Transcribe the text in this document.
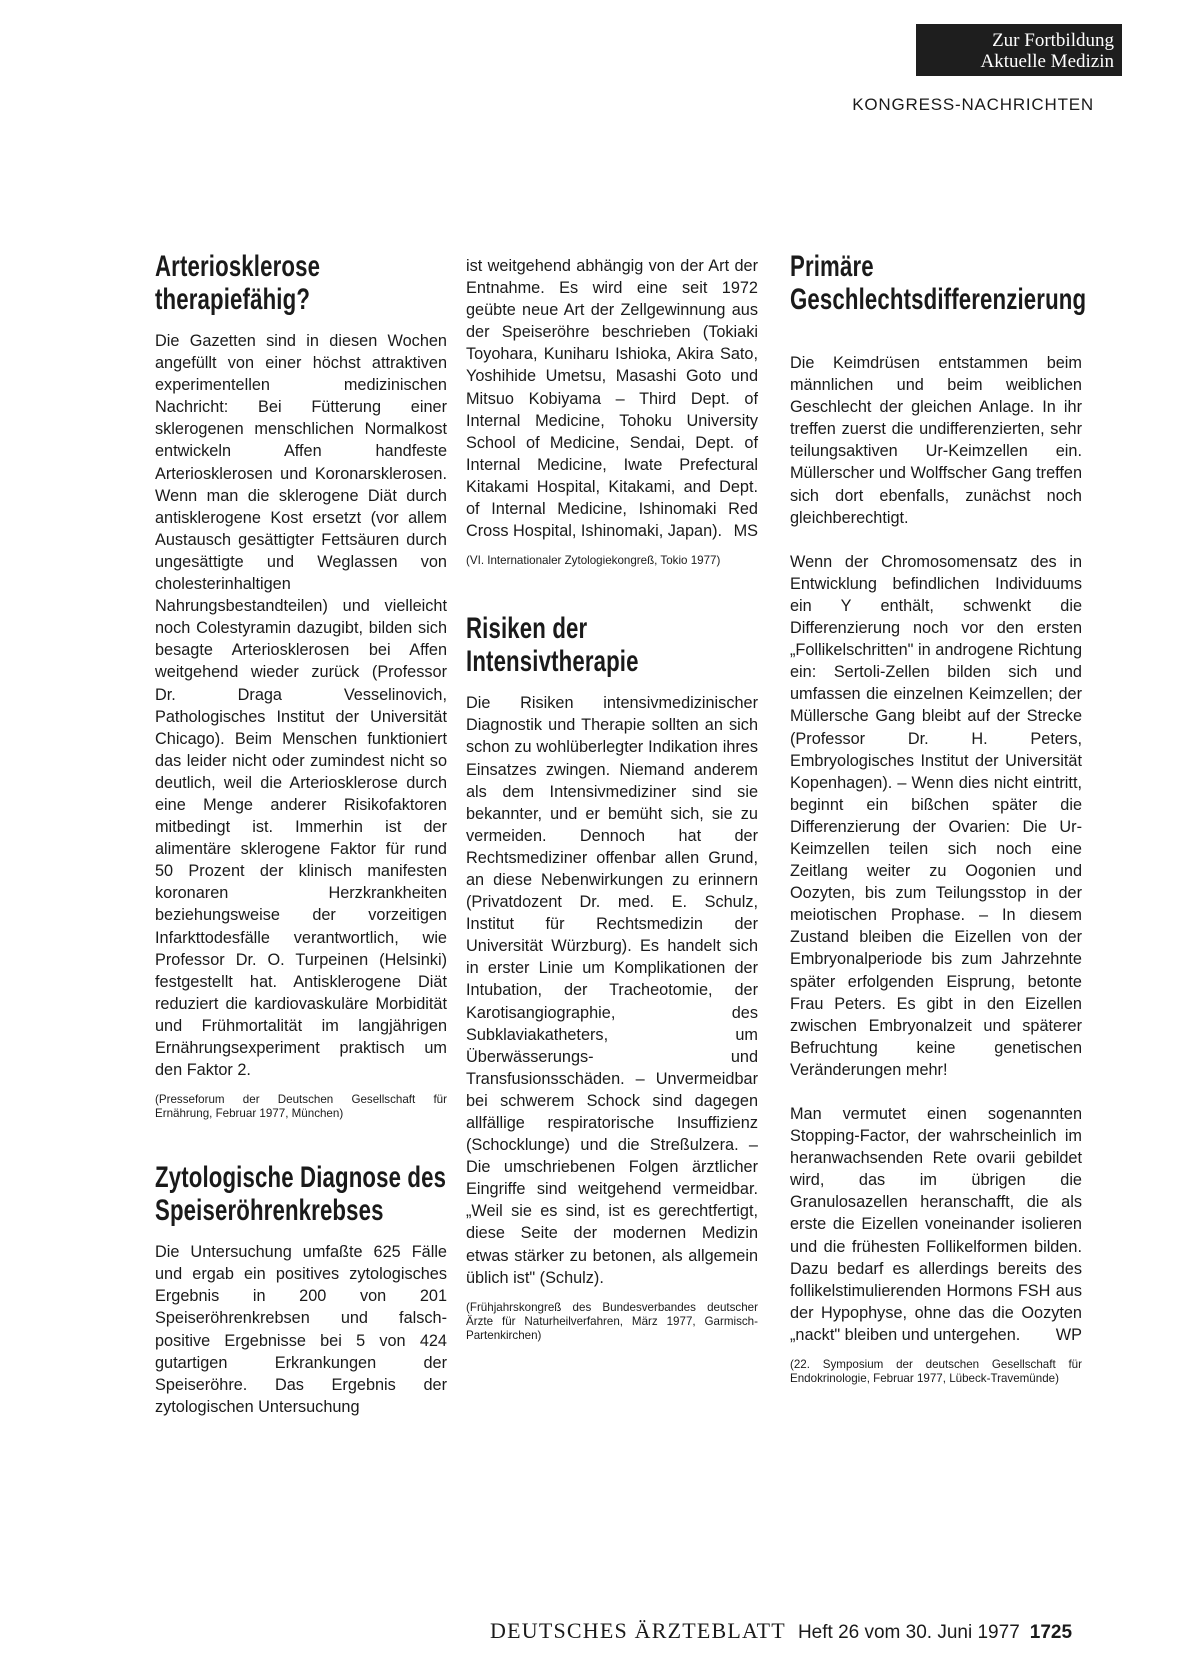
Zur Fortbildung
Aktuelle Medizin
KONGRESS-NACHRICHTEN
Arteriosklerose therapiefähig?

Die Gazetten sind in diesen Wochen angefüllt von einer höchst attraktiven experimentellen medizinischen Nachricht: Bei Fütterung einer sklerogenen menschlichen Normalkost entwickeln Affen handfeste Arteriosklerosen und Koronarsklerosen. Wenn man die sklerogene Diät durch antisklerogene Kost ersetzt (vor allem Austausch gesättigter Fettsäuren durch ungesättigte und Weglassen von cholesterinhaltigen Nahrungsbestandteilen) und vielleicht noch Colestyramin dazugibt, bilden sich besagte Arteriosklerosen bei Affen weitgehend wieder zurück (Professor Dr. Draga Vesselinovich, Pathologisches Institut der Universität Chicago). Beim Menschen funktioniert das leider nicht oder zumindest nicht so deutlich, weil die Arteriosklerose durch eine Menge anderer Risikofaktoren mitbedingt ist. Immerhin ist der alimentäre sklerogene Faktor für rund 50 Prozent der klinisch manifesten koronaren Herzkrankheiten beziehungsweise der vorzeitigen Infarkttodesfälle verantwortlich, wie Professor Dr. O. Turpeinen (Helsinki) festgestellt hat. Antisklerogene Diät reduziert die kardiovaskuläre Morbidität und Frühmortalität im langjährigen Ernährungsexperiment praktisch um den Faktor 2.

(Presseforum der Deutschen Gesellschaft für Ernährung, Februar 1977, München)
Zytologische Diagnose des Speiseröhrenkrebses

Die Untersuchung umfaßte 625 Fälle und ergab ein positives zytologisches Ergebnis in 200 von 201 Speiseröhrenkrebsen und falsch-positive Ergebnisse bei 5 von 424 gutartigen Erkrankungen der Speiseröhre. Das Ergebnis der zytologischen Untersuchung

ist weitgehend abhängig von der Art der Entnahme. Es wird eine seit 1972 geübte neue Art der Zellgewinnung aus der Speiseröhre beschrieben (Tokiaki Toyohara, Kuniharu Ishioka, Akira Sato, Yoshihide Umetsu, Masashi Goto und Mitsuo Kobiyama – Third Dept. of Internal Medicine, Tohoku University School of Medicine, Sendai, Dept. of Internal Medicine, Iwate Prefectural Kitakami Hospital, Kitakami, and Dept. of Internal Medicine, Ishinomaki Red Cross Hospital, Ishinomaki, Japan). MS

(VI. Internationaler Zytologiekongreß, Tokio 1977)
Risiken der Intensivtherapie

Die Risiken intensivmedizinischer Diagnostik und Therapie sollten an sich schon zu wohlüberlegter Indikation ihres Einsatzes zwingen. Niemand anderem als dem Intensivmediziner sind sie bekannter, und er bemüht sich, sie zu vermeiden. Dennoch hat der Rechtsmediziner offenbar allen Grund, an diese Nebenwirkungen zu erinnern (Privatdozent Dr. med. E. Schulz, Institut für Rechtsmedizin der Universität Würzburg). Es handelt sich in erster Linie um Komplikationen der Intubation, der Tracheotomie, der Karotisangiographie, des Subklaviakatheters, um Überwässerungs- und Transfusionsschäden. – Unvermeidbar bei schwerem Schock sind dagegen allfällige respiratorische Insuffizienz (Schocklunge) und die Streßulzera. – Die umschriebenen Folgen ärztlicher Eingriffe sind weitgehend vermeidbar. „Weil sie es sind, ist es gerechtfertigt, diese Seite der modernen Medizin etwas stärker zu betonen, als allgemein üblich ist" (Schulz).

(Frühjahrskongreß des Bundesverbandes deutscher Ärzte für Naturheilverfahren, März 1977, Garmisch-Partenkirchen)
Primäre Geschlechtsdifferenzierung

Die Keimdrüsen entstammen beim männlichen und beim weiblichen Geschlecht der gleichen Anlage. In ihr treffen zuerst die undifferenzierten, sehr teilungsaktiven Ur-Keimzellen ein. Müllerscher und Wolffscher Gang treffen sich dort ebenfalls, zunächst noch gleichberechtigt.

Wenn der Chromosomensatz des in Entwicklung befindlichen Individuums ein Y enthält, schwenkt die Differenzierung noch vor den ersten „Follikelschritten" in androgene Richtung ein: Sertoli-Zellen bilden sich und umfassen die einzelnen Keimzellen; der Müllersche Gang bleibt auf der Strecke (Professor Dr. H. Peters, Embryologisches Institut der Universität Kopenhagen). – Wenn dies nicht eintritt, beginnt ein bißchen später die Differenzierung der Ovarien: Die Ur-Keimzellen teilen sich noch eine Zeitlang weiter zu Oogonien und Oozyten, bis zum Teilungsstop in der meiotischen Prophase. – In diesem Zustand bleiben die Eizellen von der Embryonalperiode bis zum Jahrzehnte später erfolgenden Eisprung, betonte Frau Peters. Es gibt in den Eizellen zwischen Embryonalzeit und späterer Befruchtung keine genetischen Veränderungen mehr!

Man vermutet einen sogenannten Stopping-Factor, der wahrscheinlich im heranwachsenden Rete ovarii gebildet wird, das im übrigen die Granulosazellen heranschafft, die als erste die Eizellen voneinander isolieren und die frühesten Follikelformen bilden. Dazu bedarf es allerdings bereits des follikelstimulierenden Hormons FSH aus der Hypophyse, ohne das die Oozyten „nackt" bleiben und untergehen. WP

(22. Symposium der deutschen Gesellschaft für Endokrinologie, Februar 1977, Lübeck-Travemünde)
DEUTSCHES ÄRZTEBLATT Heft 26 vom 30. Juni 1977 1725
